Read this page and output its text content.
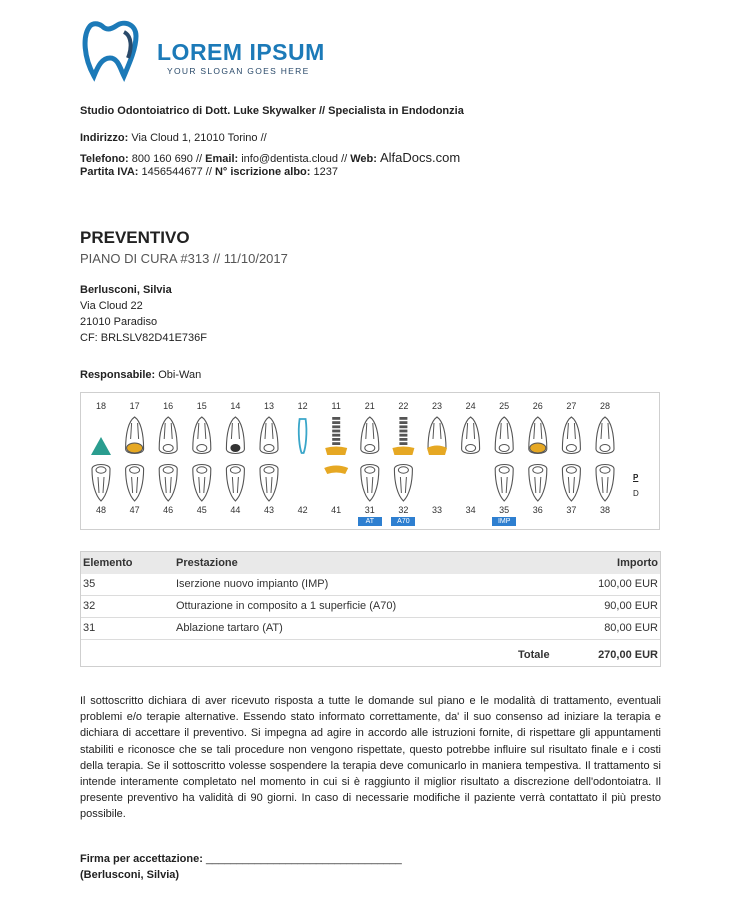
LOREM IPSUM
YOUR SLOGAN GOES HERE
Studio Odontoiatrico di Dott. Luke Skywalker // Specialista in Endodonzia
Indirizzo: Via Cloud 1, 21010 Torino //
Telefono: 800 160 690 // Email: info@dentista.cloud // Web: AlfaDocs.com
Partita IVA: 1456544677 // N° iscrizione albo: 1237
PREVENTIVO
PIANO DI CURA #313 // 11/10/2017
Berlusconi, Silvia
Via Cloud 22
21010 Paradiso
CF: BRLSLV82D41E736F
Responsabile: Obi-Wan
18	17	16	15	14	13	12	11	21	22	23	24	25	26	27	28
48	47	46	45	44	43	42	41	31
AT
32
A70
33	34	35
IMP
36	37	38
P
D
Elemento	Prestazione	Importo
35	Iserzione nuovo impianto (IMP)	100,00 EUR
32	Otturazione in composito a 1 superficie (A70)	90,00 EUR
31	Ablazione tartaro (AT)	80,00 EUR
Totale	270,00 EUR
Il sottoscritto dichiara di aver ricevuto risposta a tutte le domande sul piano e le modalità di trattamento, eventuali problemi e/o terapie alternative. Essendo stato informato correttamente, da' il suo consenso ad iniziare la terapia e dichiara di accettare il preventivo. Si impegna ad agire in accordo alle istruzioni fornite, di rispettare gli appuntamenti stabiliti e riconosce che se tali procedure non vengono rispettate, questo potrebbe influire sul risultato finale e i costi della terapia. Se il sottoscritto volesse sospendere la terapia deve comunicarlo in maniera tempestiva. Il trattamento si intende interamente completato nel momento in cui si è raggiunto il miglior risultato a discrezione dell'odontoiatra. Il presente preventivo ha validità di 90 giorni. In caso di necessarie modifiche il paziente verrà contattato il più presto possibile.
Firma per accettazione: ________________________________
(Berlusconi, Silvia)
